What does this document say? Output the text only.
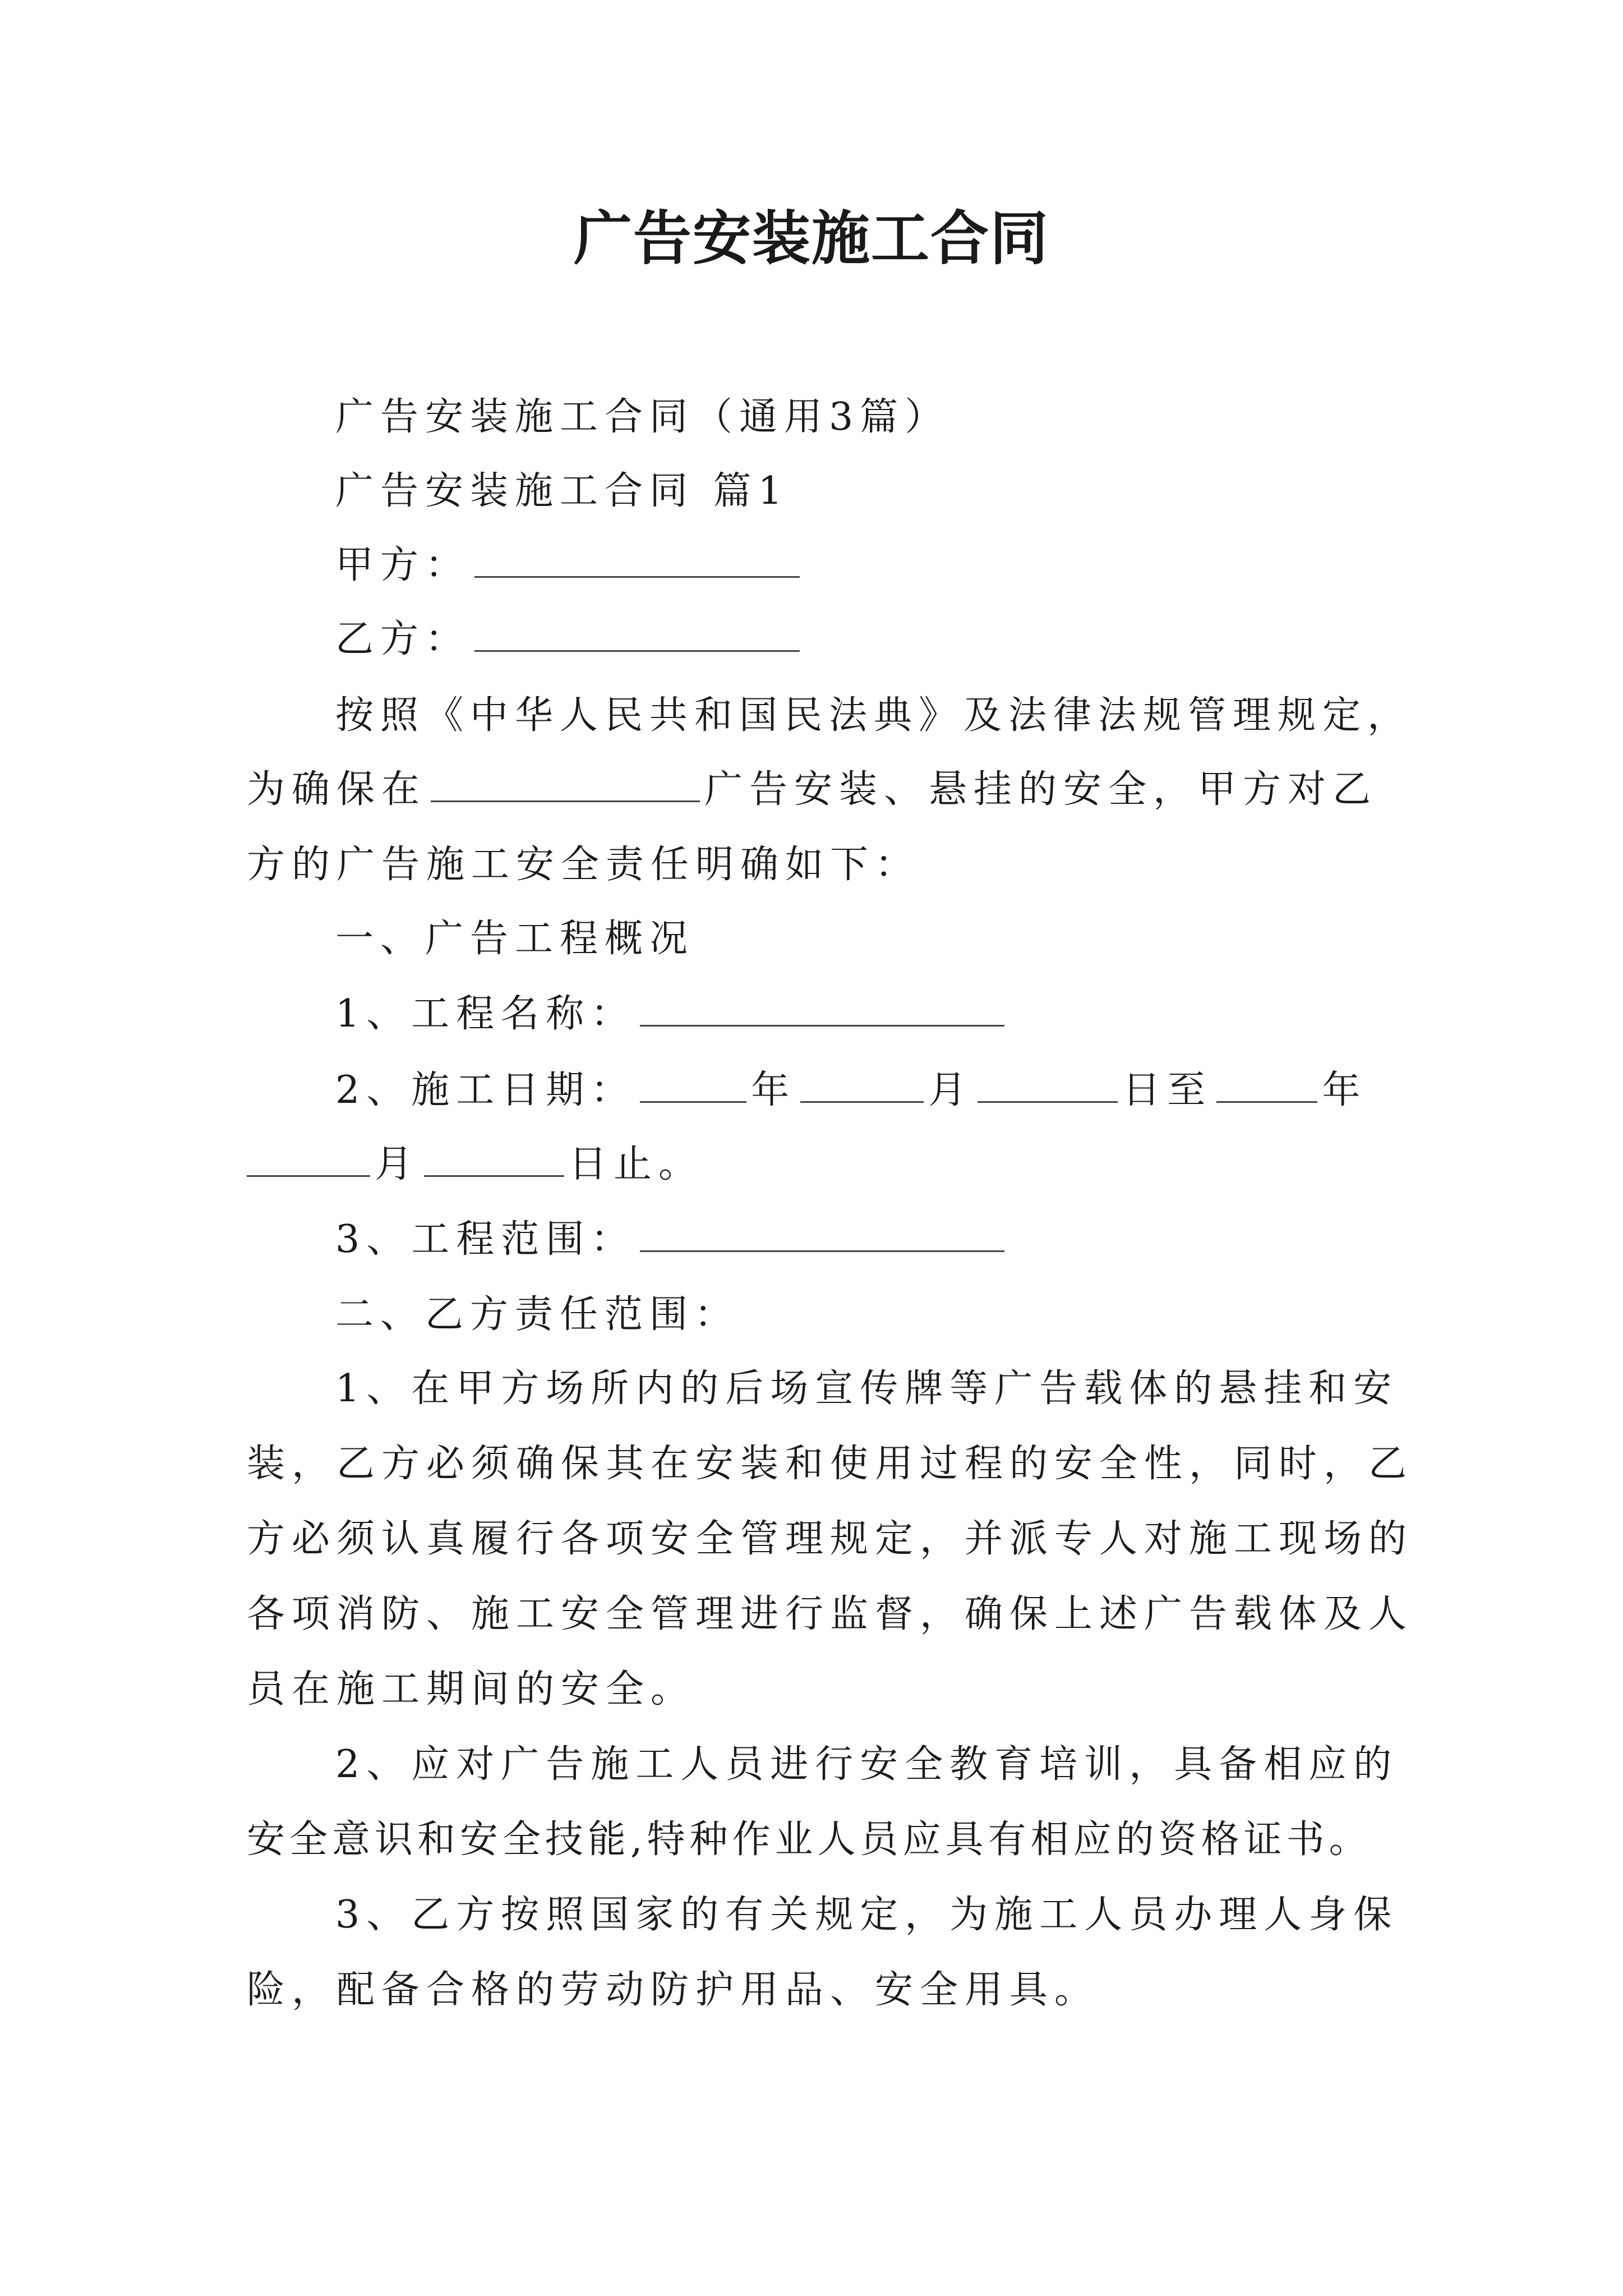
广告安装施工合同
广告安装施工合同（通用3篇）
广告安装施工合同 篇1
甲方：
乙方：
按照《中华人民共和国民法典》及法律法规管理规定，
为确保在	广告安装、悬挂的安全，甲方对乙
方的广告施工安全责任明确如下：
一、广告工程概况
1、工程名称：
2、施工日期：	年	月	日至	年
月	日止。
3、工程范围：
二、乙方责任范围：
1、在甲方场所内的后场宣传牌等广告载体的悬挂和安
装，乙方必须确保其在安装和使用过程的安全性，同时，乙
方必须认真履行各项安全管理规定，并派专人对施工现场的
各项消防、施工安全管理进行监督，确保上述广告载体及人
员在施工期间的安全。
2、应对广告施工人员进行安全教育培训，具备相应的
安全意识和安全技能,特种作业人员应具有相应的资格证书。
3、乙方按照国家的有关规定，为施工人员办理人身保
险，配备合格的劳动防护用品、安全用具。
